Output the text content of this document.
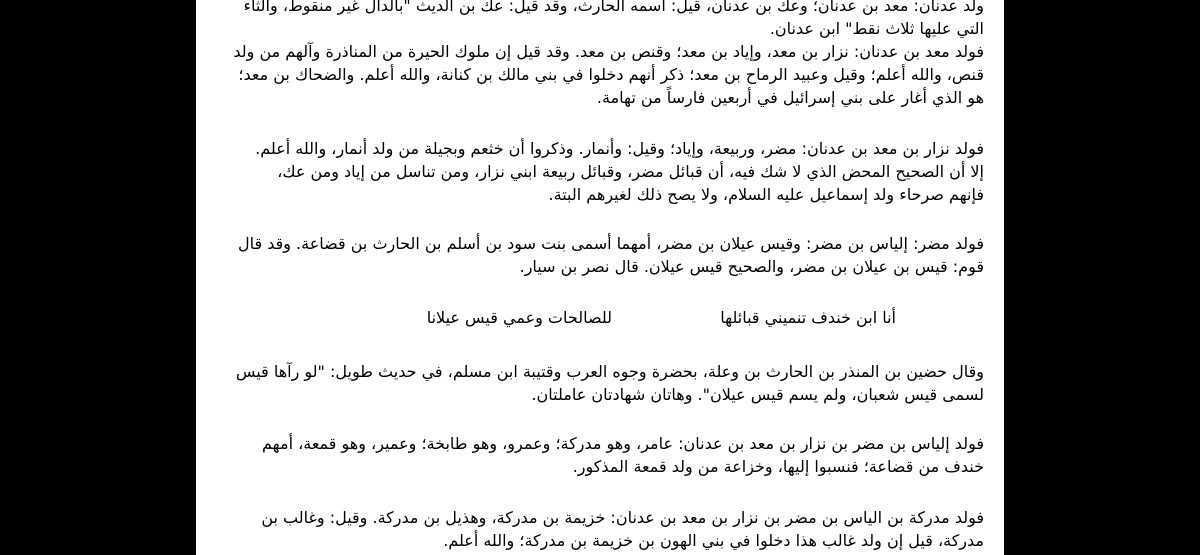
ولد عدنان: معد بن عدنان؛ وعك بن عدنان، قيل: اسمه الحارث، وقد قيل: عك بن الديث "بالدال غير منقوط، والثاء
التي عليها ثلاث نقط" ابن عدنان.
فولد معد بن عدنان: نزار بن معد، وإياد بن معد؛ وقنص بن معد. وقد قيل إن ملوك الحيرة من المناذرة وآلهم من ولد
قنص، والله أعلم؛ وقيل وعبيد الرماح بن معد؛ ذكر أنهم دخلوا في بني مالك بن كنانة، والله أعلم. والضحاك بن معد؛
هو الذي أغار على بني إسرائيل في أربعين فارساً من تهامة.
فولد نزار بن معد بن عدنان: مضر، وربيعة، وإياد؛ وقيل: وأنمار. وذكروا أن خثعم وبجيلة من ولد أنمار، والله أعلم.
إلا أن الصحيح المحض الذي لا شك فيه، أن قبائل مضر، وقبائل ربيعة ابني نزار، ومن تناسل من إياد ومن عك،
فإنهم صرحاء ولد إسماعيل عليه السلام، ولا يصح ذلك لغيرهم البتة.
فولد مضر: إلياس بن مضر: وقيس عيلان بن مضر، أمهما أسمى بنت سود بن أسلم بن الحارث بن قضاعة. وقد قال
قوم: قيس بن عيلان بن مضر، والصحيح قيس عيلان. قال نصر بن سيار.
أنا ابن خندف تنميني قبائلها
للصالحات وعمي قيس عيلانا
وقال حضين بن المنذر بن الحارث بن وعلة، بحضرة وجوه العرب وقتيبة ابن مسلم، في حديث طويل: "لو رآها قيس
لسمى قيس شعبان، ولم يسم قيس عيلان". وهاتان شهادتان عاملتان.
فولد إلياس بن مضر بن نزار بن معد بن عدنان: عامر، وهو مدركة؛ وعمرو، وهو طابخة؛ وعمير، وهو قمعة، أمهم
خندف من قضاعة؛ فنسبوا إليها، وخزاعة من ولد قمعة المذكور.
فولد مدركة بن الياس بن مضر بن نزار بن معد بن عدنان: خزيمة بن مدركة، وهذيل بن مدركة. وقيل: وغالب بن
مدركة، قيل إن ولد غالب هذا دخلوا في بني الهون بن خزيمة بن مدركة؛ والله أعلم.
